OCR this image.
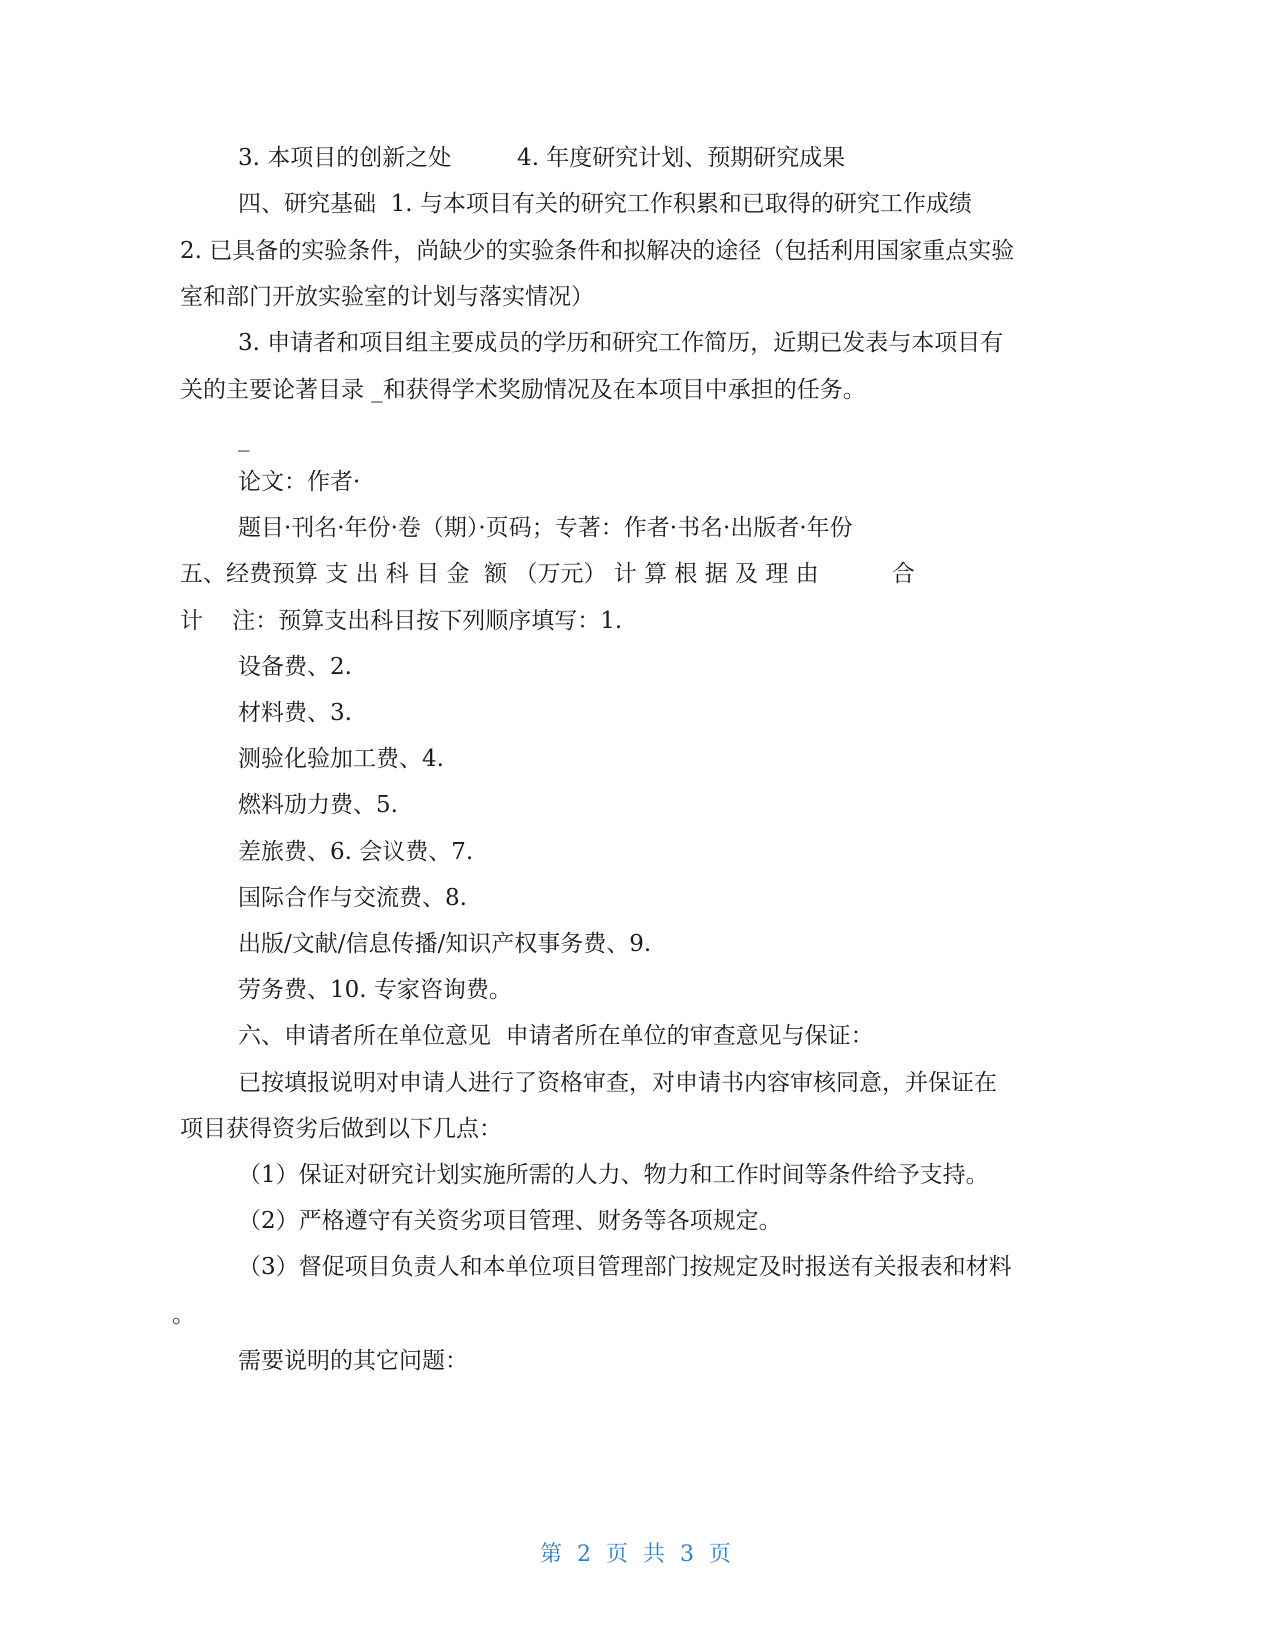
3. 本项目的创新之处         4. 年度研究计划、预期研究成果
四、研究基础  1. 与本项目有关的研究工作积累和已取得的研究工作成绩
2. 已具备的实验条件，尚缺少的实验条件和拟解决的途径（包括利用国家重点实验
室和部门开放实验室的计划与落实情况）
3. 申请者和项目组主要成员的学历和研究工作简历，近期已发表与本项目有
关的主要论著目录 _和获得学术奖励情况及在本项目中承担的任务。
_
论文：作者·
题目·刊名·年份·卷（期）·页码；专著：作者·书名·出版者·年份
五、经费预算 支 出 科 目 金  额 （万元） 计 算 根 据 及 理 由          合
计    注：预算支出科目按下列顺序填写：1.
设备费、2.
材料费、3.
测验化验加工费、4.
燃料劢力费、5.
差旅费、6. 会议费、7.
国际合作与交流费、8.
出版/文献/信息传播/知识产权事务费、9.
劳务费、10. 专家咨询费。
六、申请者所在单位意见  申请者所在单位的审查意见与保证：
已按填报说明对申请人进行了资格审查，对申请书内容审核同意，并保证在
项目获得资劣后做到以下几点：
（1）保证对研究计划实施所需的人力、物力和工作时间等条件给予支持。
（2）严格遵守有关资劣项目管理、财务等各项规定。
（3）督促项目负责人和本单位项目管理部门按规定及时报送有关报表和材料
。
需要说明的其它问题：
第 2 页 共 3 页
